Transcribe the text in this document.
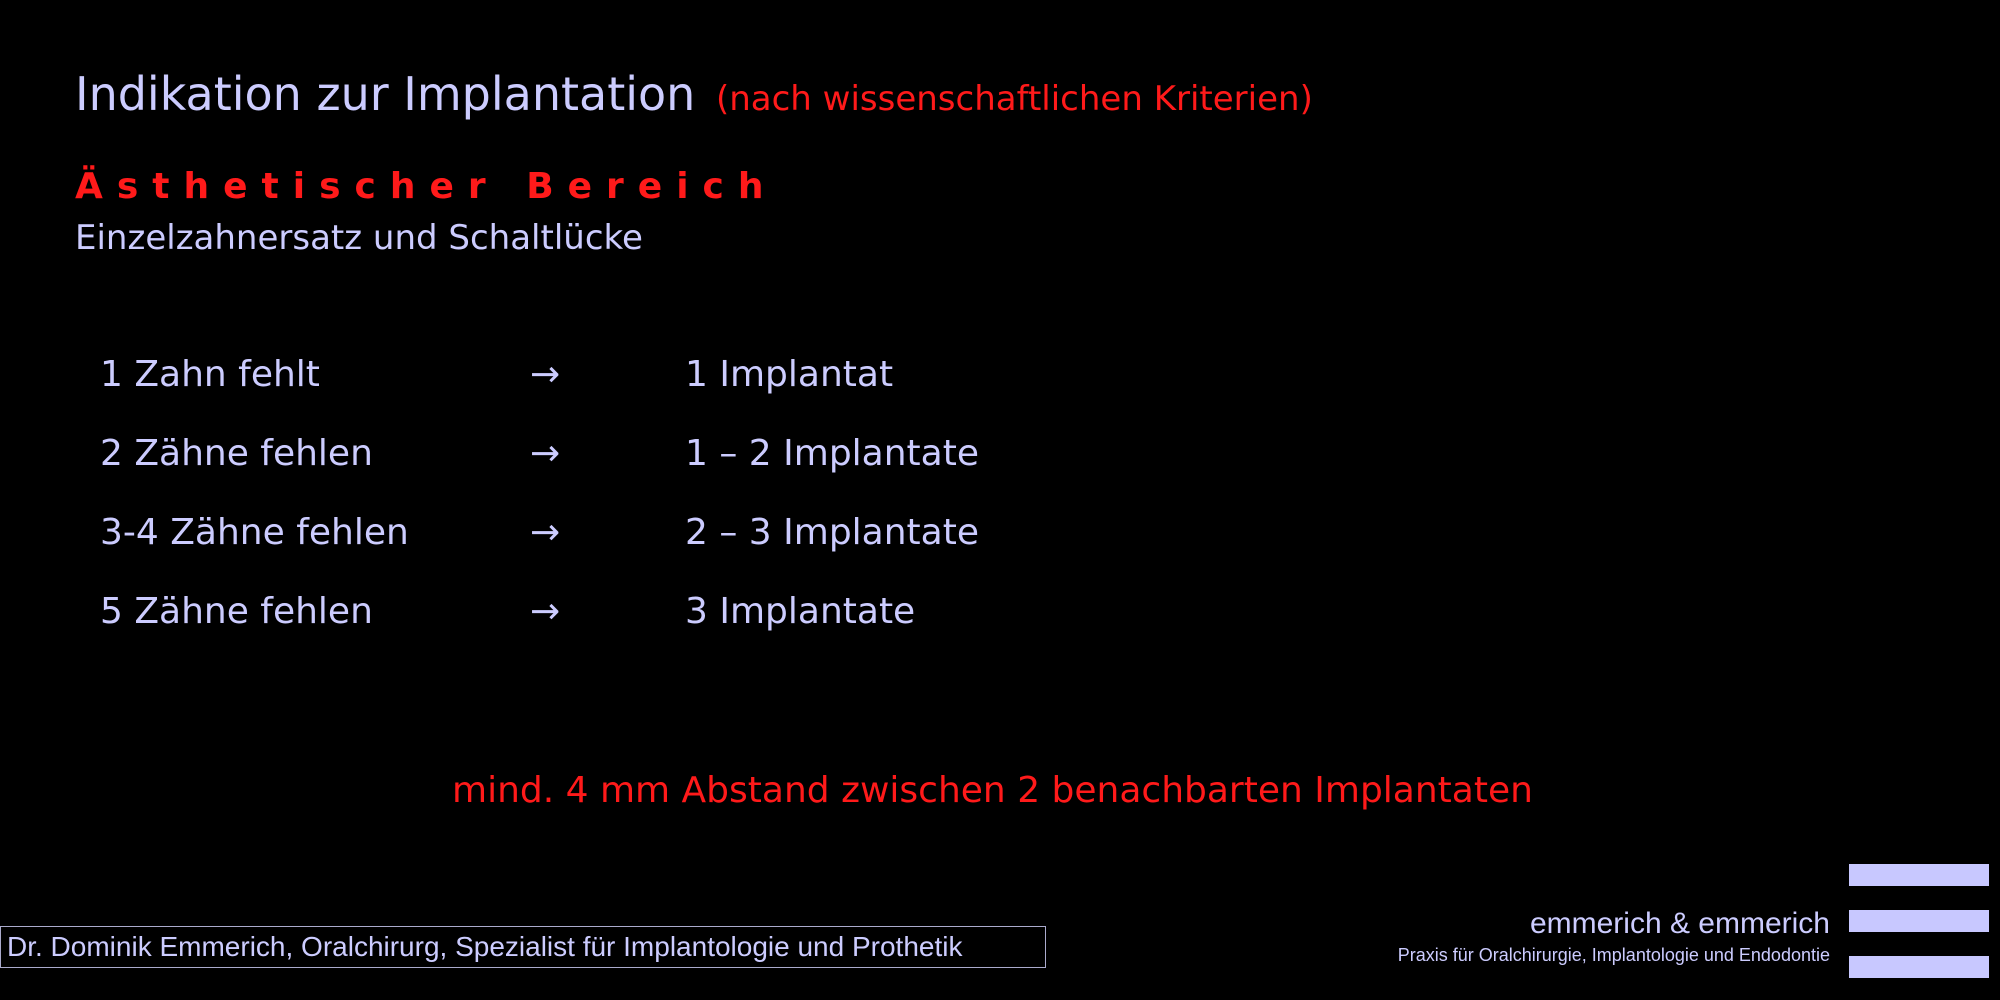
Indikation zur Implantation (nach wissenschaftlichen Kriterien)
Ästhetischer Bereich
Einzelzahnersatz und Schaltlücke
1 Zahn fehlt	→	1 Implantat
2 Zähne fehlen	→	1 – 2 Implantate
3-4 Zähne fehlen	→	2 – 3 Implantate
5 Zähne fehlen	→	3 Implantate
mind. 4 mm Abstand zwischen 2 benachbarten Implantaten
Dr. Dominik Emmerich, Oralchirurg, Spezialist für Implantologie und Prothetik
emmerich & emmerich
Praxis für Oralchirurgie, Implantologie und Endodontie
